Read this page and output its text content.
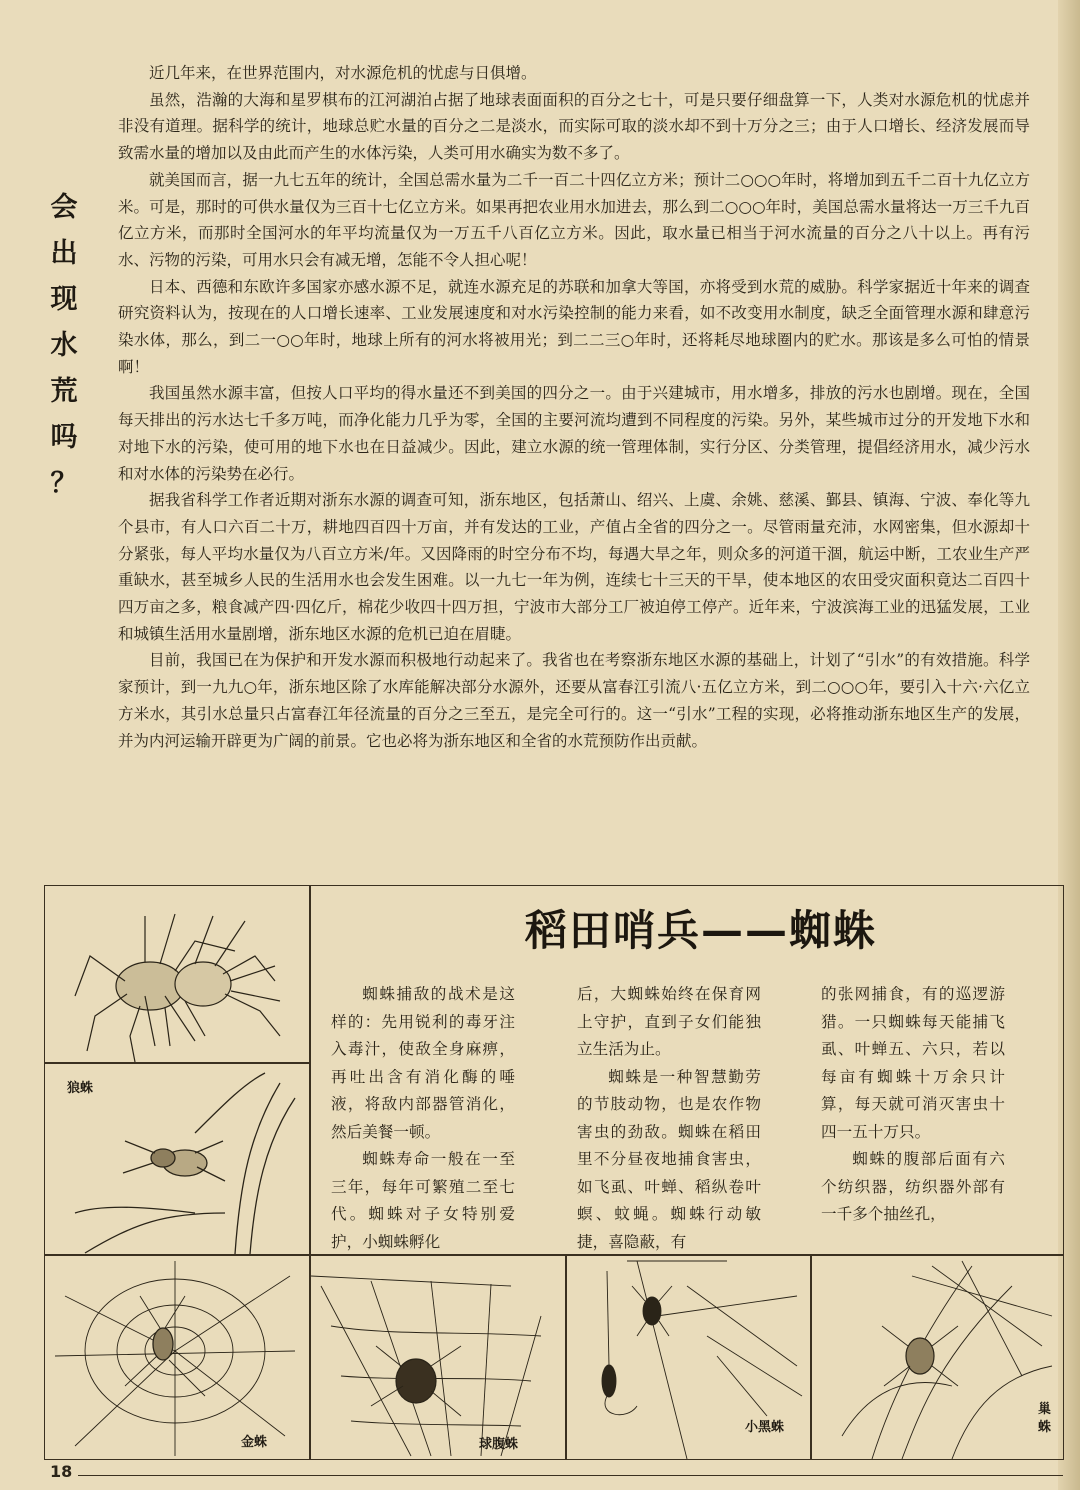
会
出
现
水
荒
吗
？

近几年来，在世界范围内，对水源危机的忧虑与日俱增。

虽然，浩瀚的大海和星罗棋布的江河湖泊占据了地球表面面积的百分之七十，可是只要仔细盘算一下，人类对水源危机的忧虑并非没有道理。据科学的统计，地球总贮水量的百分之二是淡水，而实际可取的淡水却不到十万分之三；由于人口增长、经济发展而导致需水量的增加以及由此而产生的水体污染，人类可用水确实为数不多了。

就美国而言，据一九七五年的统计，全国总需水量为二千一百二十四亿立方米；预计二○○○年时，将增加到五千二百十九亿立方米。可是，那时的可供水量仅为三百十七亿立方米。如果再把农业用水加进去，那么到二○○○年时，美国总需水量将达一万三千九百亿立方米，而那时全国河水的年平均流量仅为一万五千八百亿立方米。因此，取水量已相当于河水流量的百分之八十以上。再有污水、污物的污染，可用水只会有减无增，怎能不令人担心呢！

日本、西德和东欧许多国家亦感水源不足，就连水源充足的苏联和加拿大等国，亦将受到水荒的威胁。科学家据近十年来的调查研究资料认为，按现在的人口增长速率、工业发展速度和对水污染控制的能力来看，如不改变用水制度，缺乏全面管理水源和肆意污染水体，那么，到二一○○年时，地球上所有的河水将被用光；到二二三○年时，还将耗尽地球圈内的贮水。那该是多么可怕的情景啊！

我国虽然水源丰富，但按人口平均的得水量还不到美国的四分之一。由于兴建城市，用水增多，排放的污水也剧增。现在，全国每天排出的污水达七千多万吨，而净化能力几乎为零，全国的主要河流均遭到不同程度的污染。另外，某些城市过分的开发地下水和对地下水的污染，使可用的地下水也在日益减少。因此，建立水源的统一管理体制，实行分区、分类管理，提倡经济用水，减少污水和对水体的污染势在必行。

据我省科学工作者近期对浙东水源的调查可知，浙东地区，包括萧山、绍兴、上虞、余姚、慈溪、鄞县、镇海、宁波、奉化等九个县市，有人口六百二十万，耕地四百四十万亩，并有发达的工业，产值占全省的四分之一。尽管雨量充沛，水网密集，但水源却十分紧张，每人平均水量仅为八百立方米/年。又因降雨的时空分布不均，每遇大旱之年，则众多的河道干涸，航运中断，工农业生产严重缺水，甚至城乡人民的生活用水也会发生困难。以一九七一年为例，连续七十三天的干旱，使本地区的农田受灾面积竟达二百四十四万亩之多，粮食减产四·四亿斤，棉花少收四十四万担，宁波市大部分工厂被迫停工停产。近年来，宁波滨海工业的迅猛发展，工业和城镇生活用水量剧增，浙东地区水源的危机已迫在眉睫。

目前，我国已在为保护和开发水源而积极地行动起来了。我省也在考察浙东地区水源的基础上，计划了“引水”的有效措施。科学家预计，到一九九○年，浙东地区除了水库能解决部分水源外，还要从富春江引流八·五亿立方米，到二○○○年，要引入十六·六亿立方米水，其引水总量只占富春江年径流量的百分之三至五，是完全可行的。这一“引水”工程的实现，必将推动浙东地区生产的发展，并为内河运输开辟更为广阔的前景。它也必将为浙东地区和全省的水荒预防作出贡献。

狼蛛
稻田哨兵——蜘蛛

蜘蛛捕敌的战术是这样的：先用锐利的毒牙注入毒汁，使敌全身麻痹，再吐出含有消化酶的唾液，将敌内部器管消化，然后美餐一顿。

蜘蛛寿命一般在一至三年，每年可繁殖二至七代。蜘蛛对子女特别爱护，小蜘蛛孵化

后，大蜘蛛始终在保育网上守护，直到子女们能独立生活为止。

蜘蛛是一种智慧勤劳的节肢动物，也是农作物害虫的劲敌。蜘蛛在稻田里不分昼夜地捕食害虫，如飞虱、叶蝉、稻纵卷叶螟、蚊蝇。蜘蛛行动敏捷，喜隐蔽，有

的张网捕食，有的巡逻游猎。一只蜘蛛每天能捕飞虱、叶蝉五、六只，若以每亩有蜘蛛十万余只计算，每天就可消灭害虫十四一五十万只。

蜘蛛的腹部后面有六个纺织器，纺织器外部有一千多个抽丝孔，

金蛛	球腹蛛
小黑蛛
巢蛛
18
